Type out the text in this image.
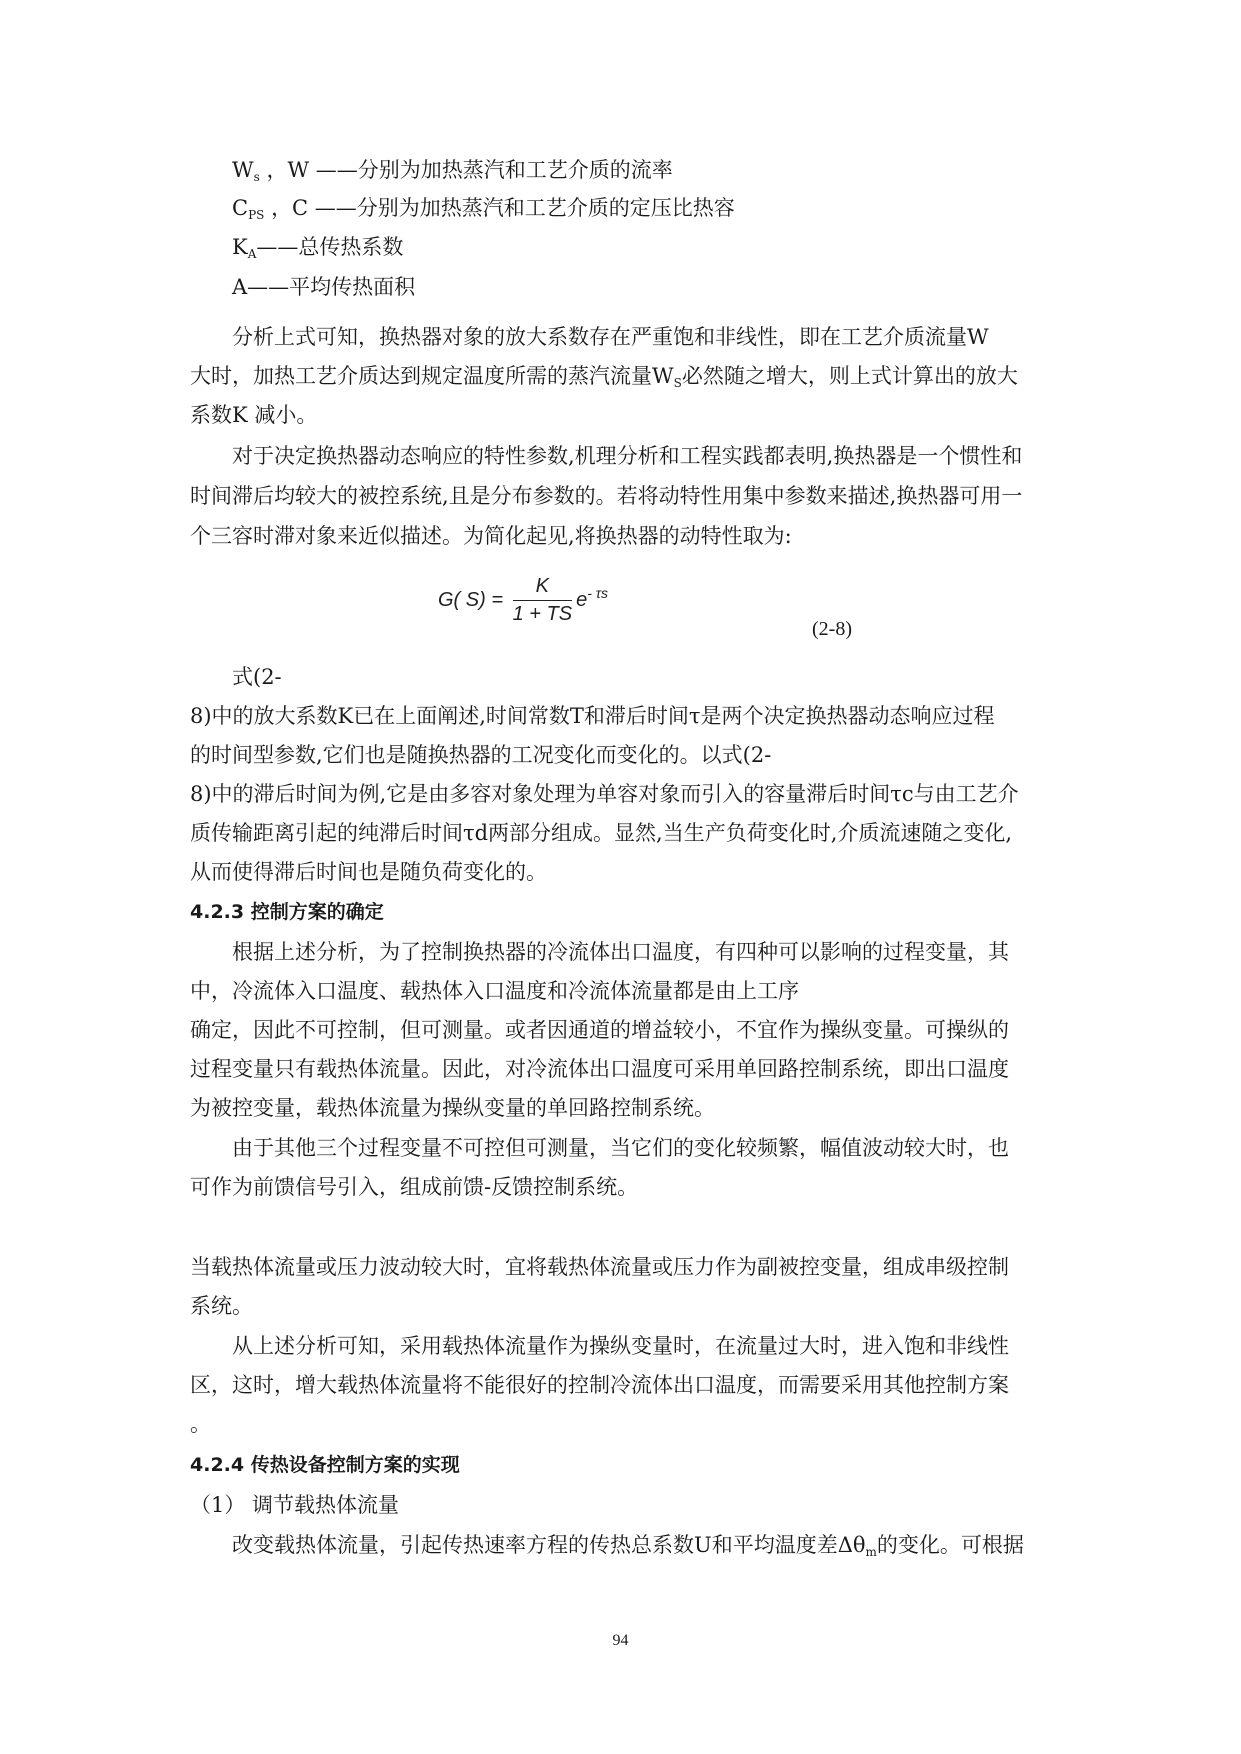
$W_s$ ，W ——分别为加热蒸汽和工艺介质的流率
$C_{PS}$ ，C ——分别为加热蒸汽和工艺介质的定压比热容
$K_A——$总传热系数
A——平均传热面积
分析上式可知，换热器对象的放大系数存在严重饱和非线性，即在工艺介质流量W
大时，加热工艺介质达到规定温度所需的蒸汽流量$W_S$必然随之增大，则上式计算出的放大
系数K 减小。
对于决定换热器动态响应的特性参数,机理分析和工程实践都表明,换热器是一个惯性和
时间滞后均较大的被控系统,且是分布参数的。若将动特性用集中参数来描述,换热器可用一
个三容时滞对象来近似描述。为简化起见,将换热器的动特性取为:
G( $S) = \frac{K}{1 + TS} e^{- \tau s}$
(2-8)
式(2-
8)中的放大系数K已在上面阐述,时间常数T和滞后时间τ是两个决定换热器动态响应过程
的时间型参数,它们也是随换热器的工况变化而变化的。以式(2-
8)中的滞后时间为例,它是由多容对象处理为单容对象而引入的容量滞后时间τc与由工艺介
质传输距离引起的纯滞后时间τd两部分组成。显然,当生产负荷变化时,介质流速随之变化,
从而使得滞后时间也是随负荷变化的。
4.2.3 控制方案的确定
根据上述分析，为了控制换热器的冷流体出口温度，有四种可以影响的过程变量，其
中，冷流体入口温度、载热体入口温度和冷流体流量都是由上工序
确定，因此不可控制，但可测量。或者因通道的增益较小，不宜作为操纵变量。可操纵的
过程变量只有载热体流量。因此，对冷流体出口温度可采用单回路控制系统，即出口温度
为被控变量，载热体流量为操纵变量的单回路控制系统。
由于其他三个过程变量不可控但可测量，当它们的变化较频繁，幅值波动较大时，也
可作为前馈信号引入，组成前馈-反馈控制系统。
当载热体流量或压力波动较大时，宜将载热体流量或压力作为副被控变量，组成串级控制
系统。
从上述分析可知，采用载热体流量作为操纵变量时，在流量过大时，进入饱和非线性
区，这时，增大载热体流量将不能很好的控制冷流体出口温度，而需要采用其他控制方案
。
4.2.4 传热设备控制方案的实现
（1） 调节载热体流量
改变载热体流量，引起传热速率方程的传热总系数U和平均温度差$\Delta\theta_m$的变化。可根据
94
